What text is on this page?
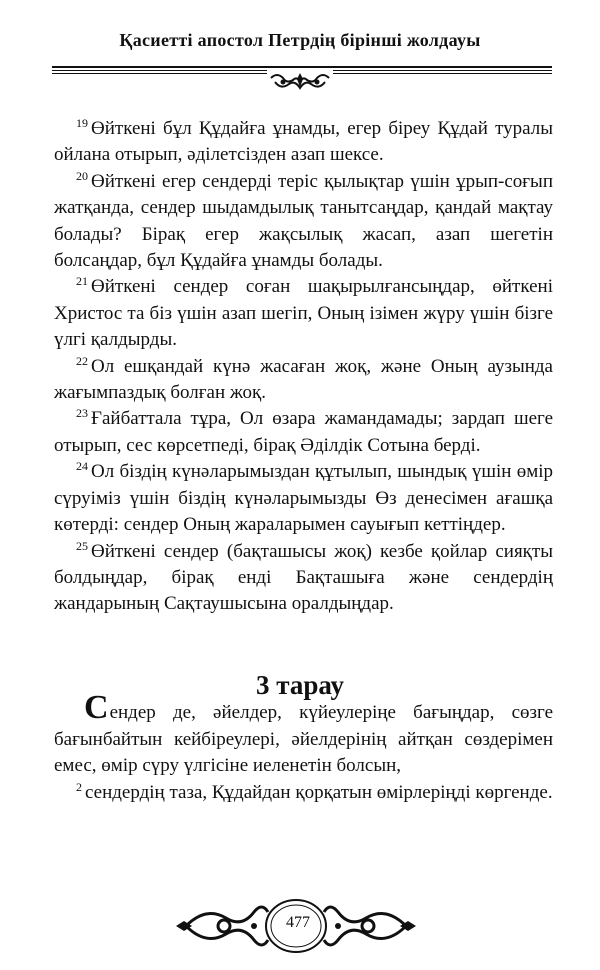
Қасиетті апостол Петрдің бірінші жолдауы

$^{19}$ Өйткені бұл Құдайға ұнамды, егер біреу Құдай туралы ойлана отырып, әділетсізден азап шексе.

$^{20}$ Өйткені егер сендерді теріс қылықтар үшін ұрып-соғып жатқанда, сендер шыдамдылық танытсаңдар, қандай мақтау болады? Бірақ егер жақсылық жасап, азап шегетін болсаңдар, бұл Құдайға ұнамды болады.

$^{21}$ Өйткені сендер соған шақырылғансыңдар, өйткені Христос та біз үшін азап шегіп, Оның ізімен жүру үшін бізге үлгі қалдырды.

$^{22}$ Ол ешқандай күнә жасаған жоқ, және Оның аузында жағымпаздық болған жоқ.

$^{23}$ Ғайбаттала тұра, Ол өзара жамандамады; зардап шеге отырып, сес көрсетпеді, бірақ Әділдік Сотына берді.

$^{24}$ Ол біздің күнәларымыздан құтылып, шындық үшін өмір сүруіміз үшін біздің күнәларымызды Өз денесімен ағашқа көтерді: сендер Оның жараларымен сауығып кеттіңдер.

$^{25}$ Өйткені сендер (бақташысы жоқ) кезбе қойлар сияқты болдыңдар, бірақ енді Бақташыға және сендердің жандарының Сақтаушысына оралдыңдар.

3 тарау

Сендер де, әйелдер, күйеулеріңе бағыңдар, сөзге бағынбайтын кейбіреулері, әйелдерінің айтқан сөздерімен емес, өмір сүру үлгісіне иеленетін болсын,

$^2$ сендердің таза, Құдайдан қорқатын өмірлеріңді көргенде.

477
